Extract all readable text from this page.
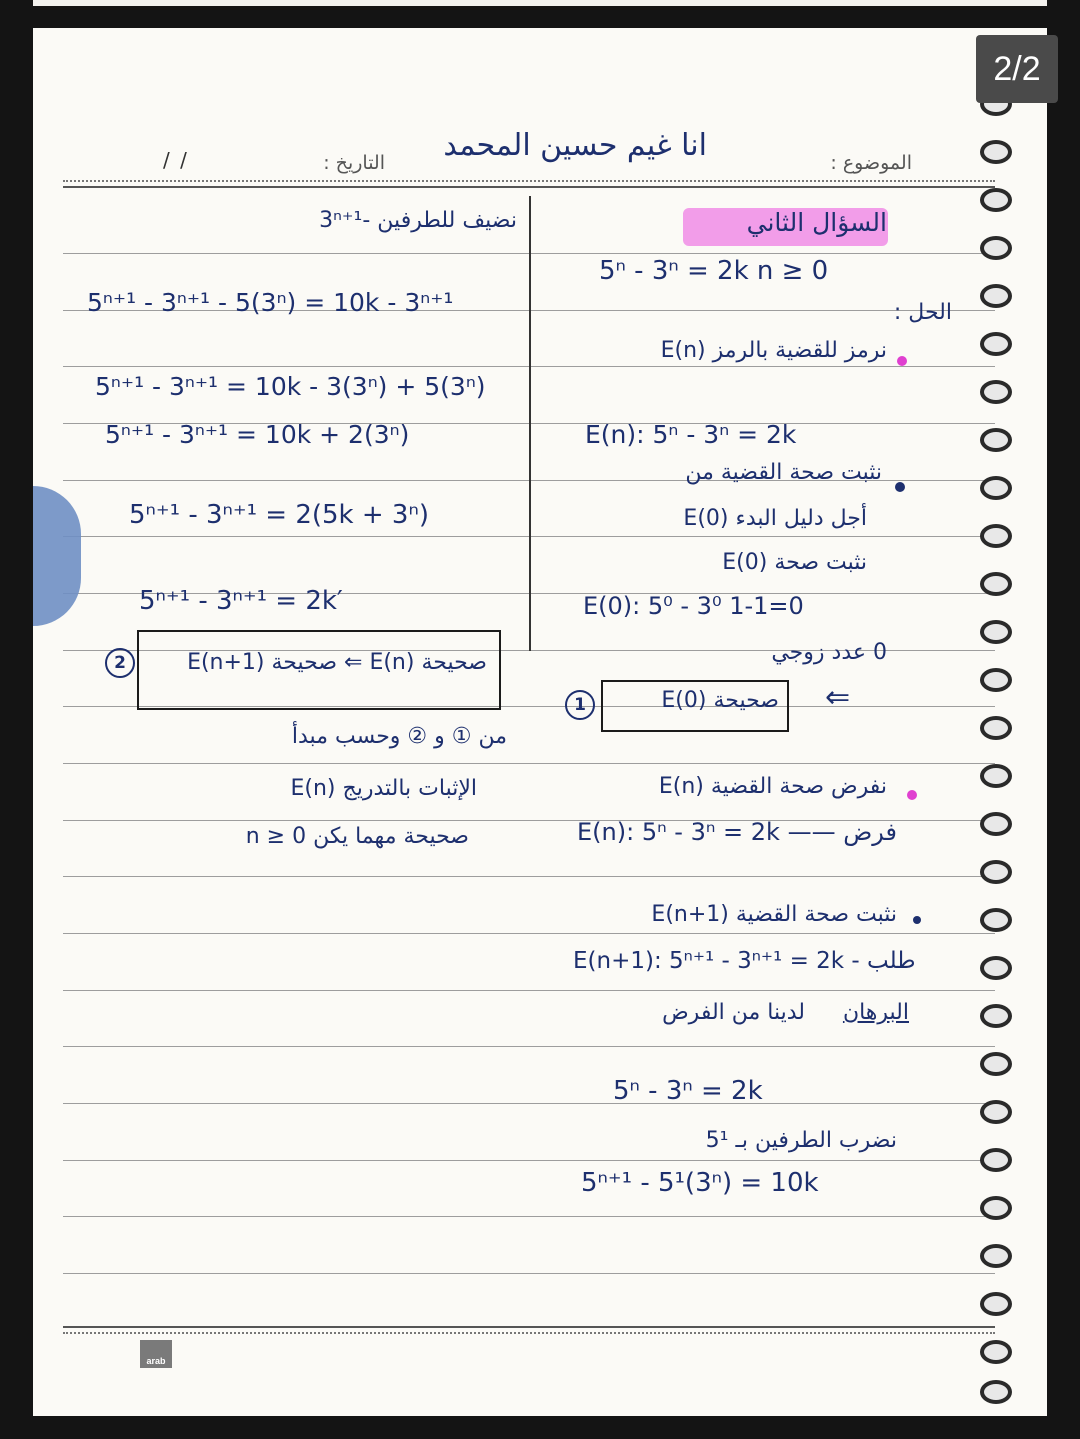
الموضوع :
التاريخ :
/ /	انا غيم حسين المحمد
السؤال الثاني
5ⁿ - 3ⁿ = 2k n ≥ 0
الحل :
نرمز للقضية بالرمز E(n)
E(n): 5ⁿ - 3ⁿ = 2k
نثبت صحة القضية من
أجل دليل البدء E(0)
نثبت صحة E(0)
E(0): 5⁰ - 3⁰ 1-1=0
0 عدد زوجي
1	E(0) صحيحة ⇐
نفرض صحة القضية E(n)
E(n): 5ⁿ - 3ⁿ = 2k —— فرض
نثبت صحة القضية E(n+1)
E(n+1): 5ⁿ⁺¹ - 3ⁿ⁺¹ = 2k - طلب
البرهان
لدينا من الفرض
5ⁿ - 3ⁿ = 2k
نضرب الطرفين بـ 5¹
5ⁿ⁺¹ - 5¹(3ⁿ) = 10k
نضيف للطرفين -3ⁿ⁺¹
5ⁿ⁺¹ - 3ⁿ⁺¹ - 5(3ⁿ) = 10k - 3ⁿ⁺¹
5ⁿ⁺¹ - 3ⁿ⁺¹ = 10k - 3(3ⁿ) + 5(3ⁿ)
5ⁿ⁺¹ - 3ⁿ⁺¹ = 10k + 2(3ⁿ)
5ⁿ⁺¹ - 3ⁿ⁺¹ = 2(5k + 3ⁿ)
5ⁿ⁺¹ - 3ⁿ⁺¹ = 2k′
2	E(n+1) صحيحة ⇐ E(n) صحيحة
من ① و ② وحسب مبدأ
الإثبات بالتدريج E(n)
صحيحة مهما يكن n ≥ 0
arab
2/2
